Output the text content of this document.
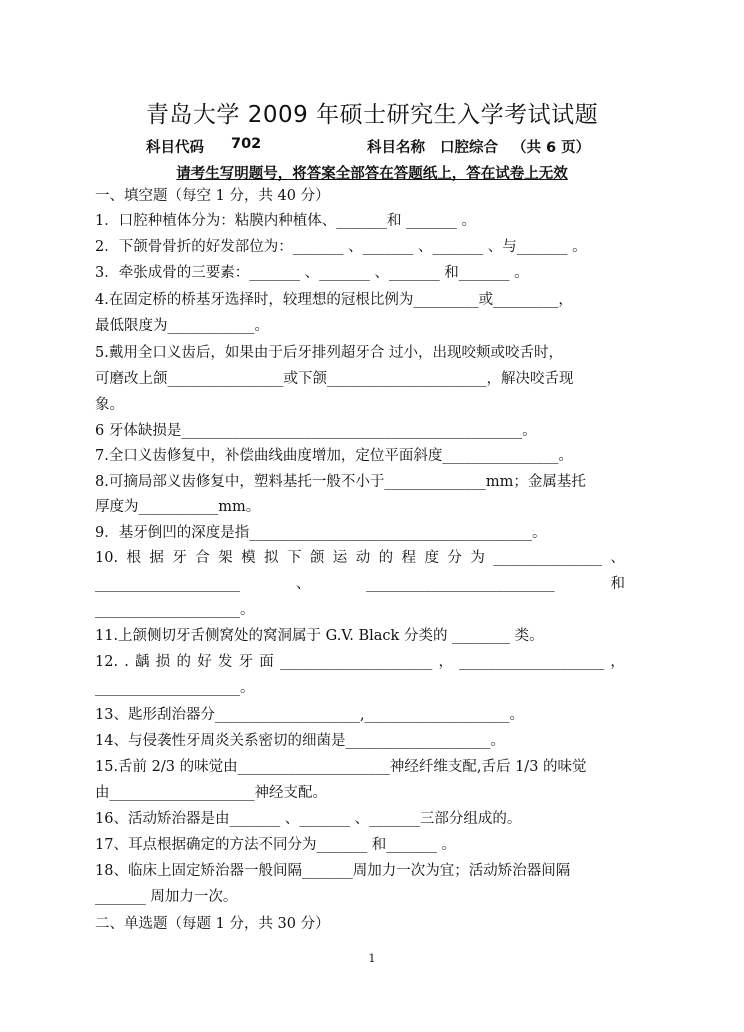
青岛大学 2009 年硕士研究生入学考试试题
科目代码 702	科目名称 口腔综合 （共 6 页）
请考生写明题号，将答案全部答在答题纸上，答在试卷上无效
一、填空题（每空 1 分，共 40 分）
1．口腔种植体分为：粘膜内种植体、_______和 _______ 。
2．下颌骨骨折的好发部位为：_______ 、_______ 、_______ 、与_______ 。
3．牵张成骨的三要素：_______ 、_______ 、_______ 和_______ 。
4.在固定桥的桥基牙选择时，较理想的冠根比例为_________或_________，
最低限度为____________。
5.戴用全口义齿后，如果由于后牙排列超牙合 过小，出现咬颊或咬舌时，
可磨改上颌________________或下颌______________________，解决咬舌现
象。
6 牙体缺损是_______________________________________________。
7.全口义齿修复中，补偿曲线曲度增加，定位平面斜度________________。
8.可摘局部义齿修复中，塑料基托一般不小于______________mm；金属基托
厚度为___________mm。
9．基牙倒凹的深度是指_______________________________________。
10. 根 据 牙 合 架 模 拟 下 颌 运 动 的 程 度 分 为 _______________ 、
____________________	、	__________________________	和
____________________。
11.上颌侧切牙舌侧窝处的窝洞属于 G.V. Black 分类的 ________ 类。
12. . 龋 损 的 好 发 牙 面 _____________________ ， ____________________ ，
____________________。
13、匙形刮治器分____________________,____________________。
14、与侵袭性牙周炎关系密切的细菌是____________________。
15.舌前 2/3 的味觉由_____________________神经纤维支配,舌后 1/3 的味觉
由____________________神经支配。
16、活动矫治器是由_______ 、_______ 、_______三部分组成的。
17、耳点根据确定的方法不同分为_______ 和_______ 。
18、临床上固定矫治器一般间隔_______周加力一次为宜；活动矫治器间隔
_______ 周加力一次。
二、单选题（每题 1 分，共 30 分）
1
